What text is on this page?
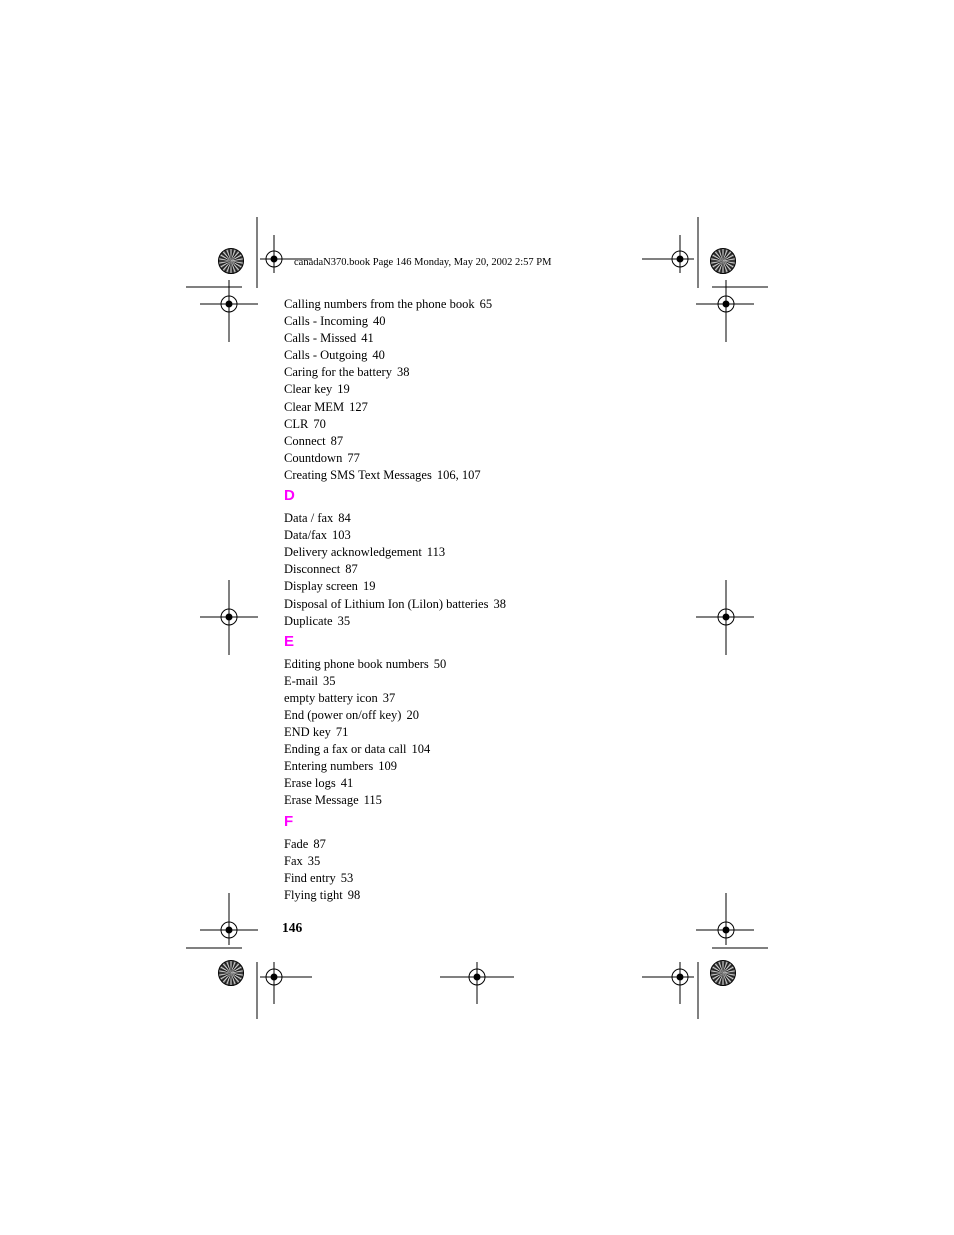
canadaN370.book Page 146 Monday, May 20, 2002 2:57 PM
Calling numbers from the phone book 65
Calls - Incoming 40
Calls - Missed 41
Calls - Outgoing 40
Caring for the battery 38
Clear key 19
Clear MEM 127
CLR 70
Connect 87
Countdown 77
Creating SMS Text Messages 106, 107
D
Data / fax 84
Data/fax 103
Delivery acknowledgement 113
Disconnect 87
Display screen 19
Disposal of Lithium Ion (Lilon) batteries 38
Duplicate 35
E
Editing phone book numbers 50
E-mail 35
empty battery icon 37
End (power on/off key) 20
END key 71
Ending a fax or data call 104
Entering numbers 109
Erase logs 41
Erase Message 115
F
Fade 87
Fax 35
Find entry 53
Flying tight 98
146
